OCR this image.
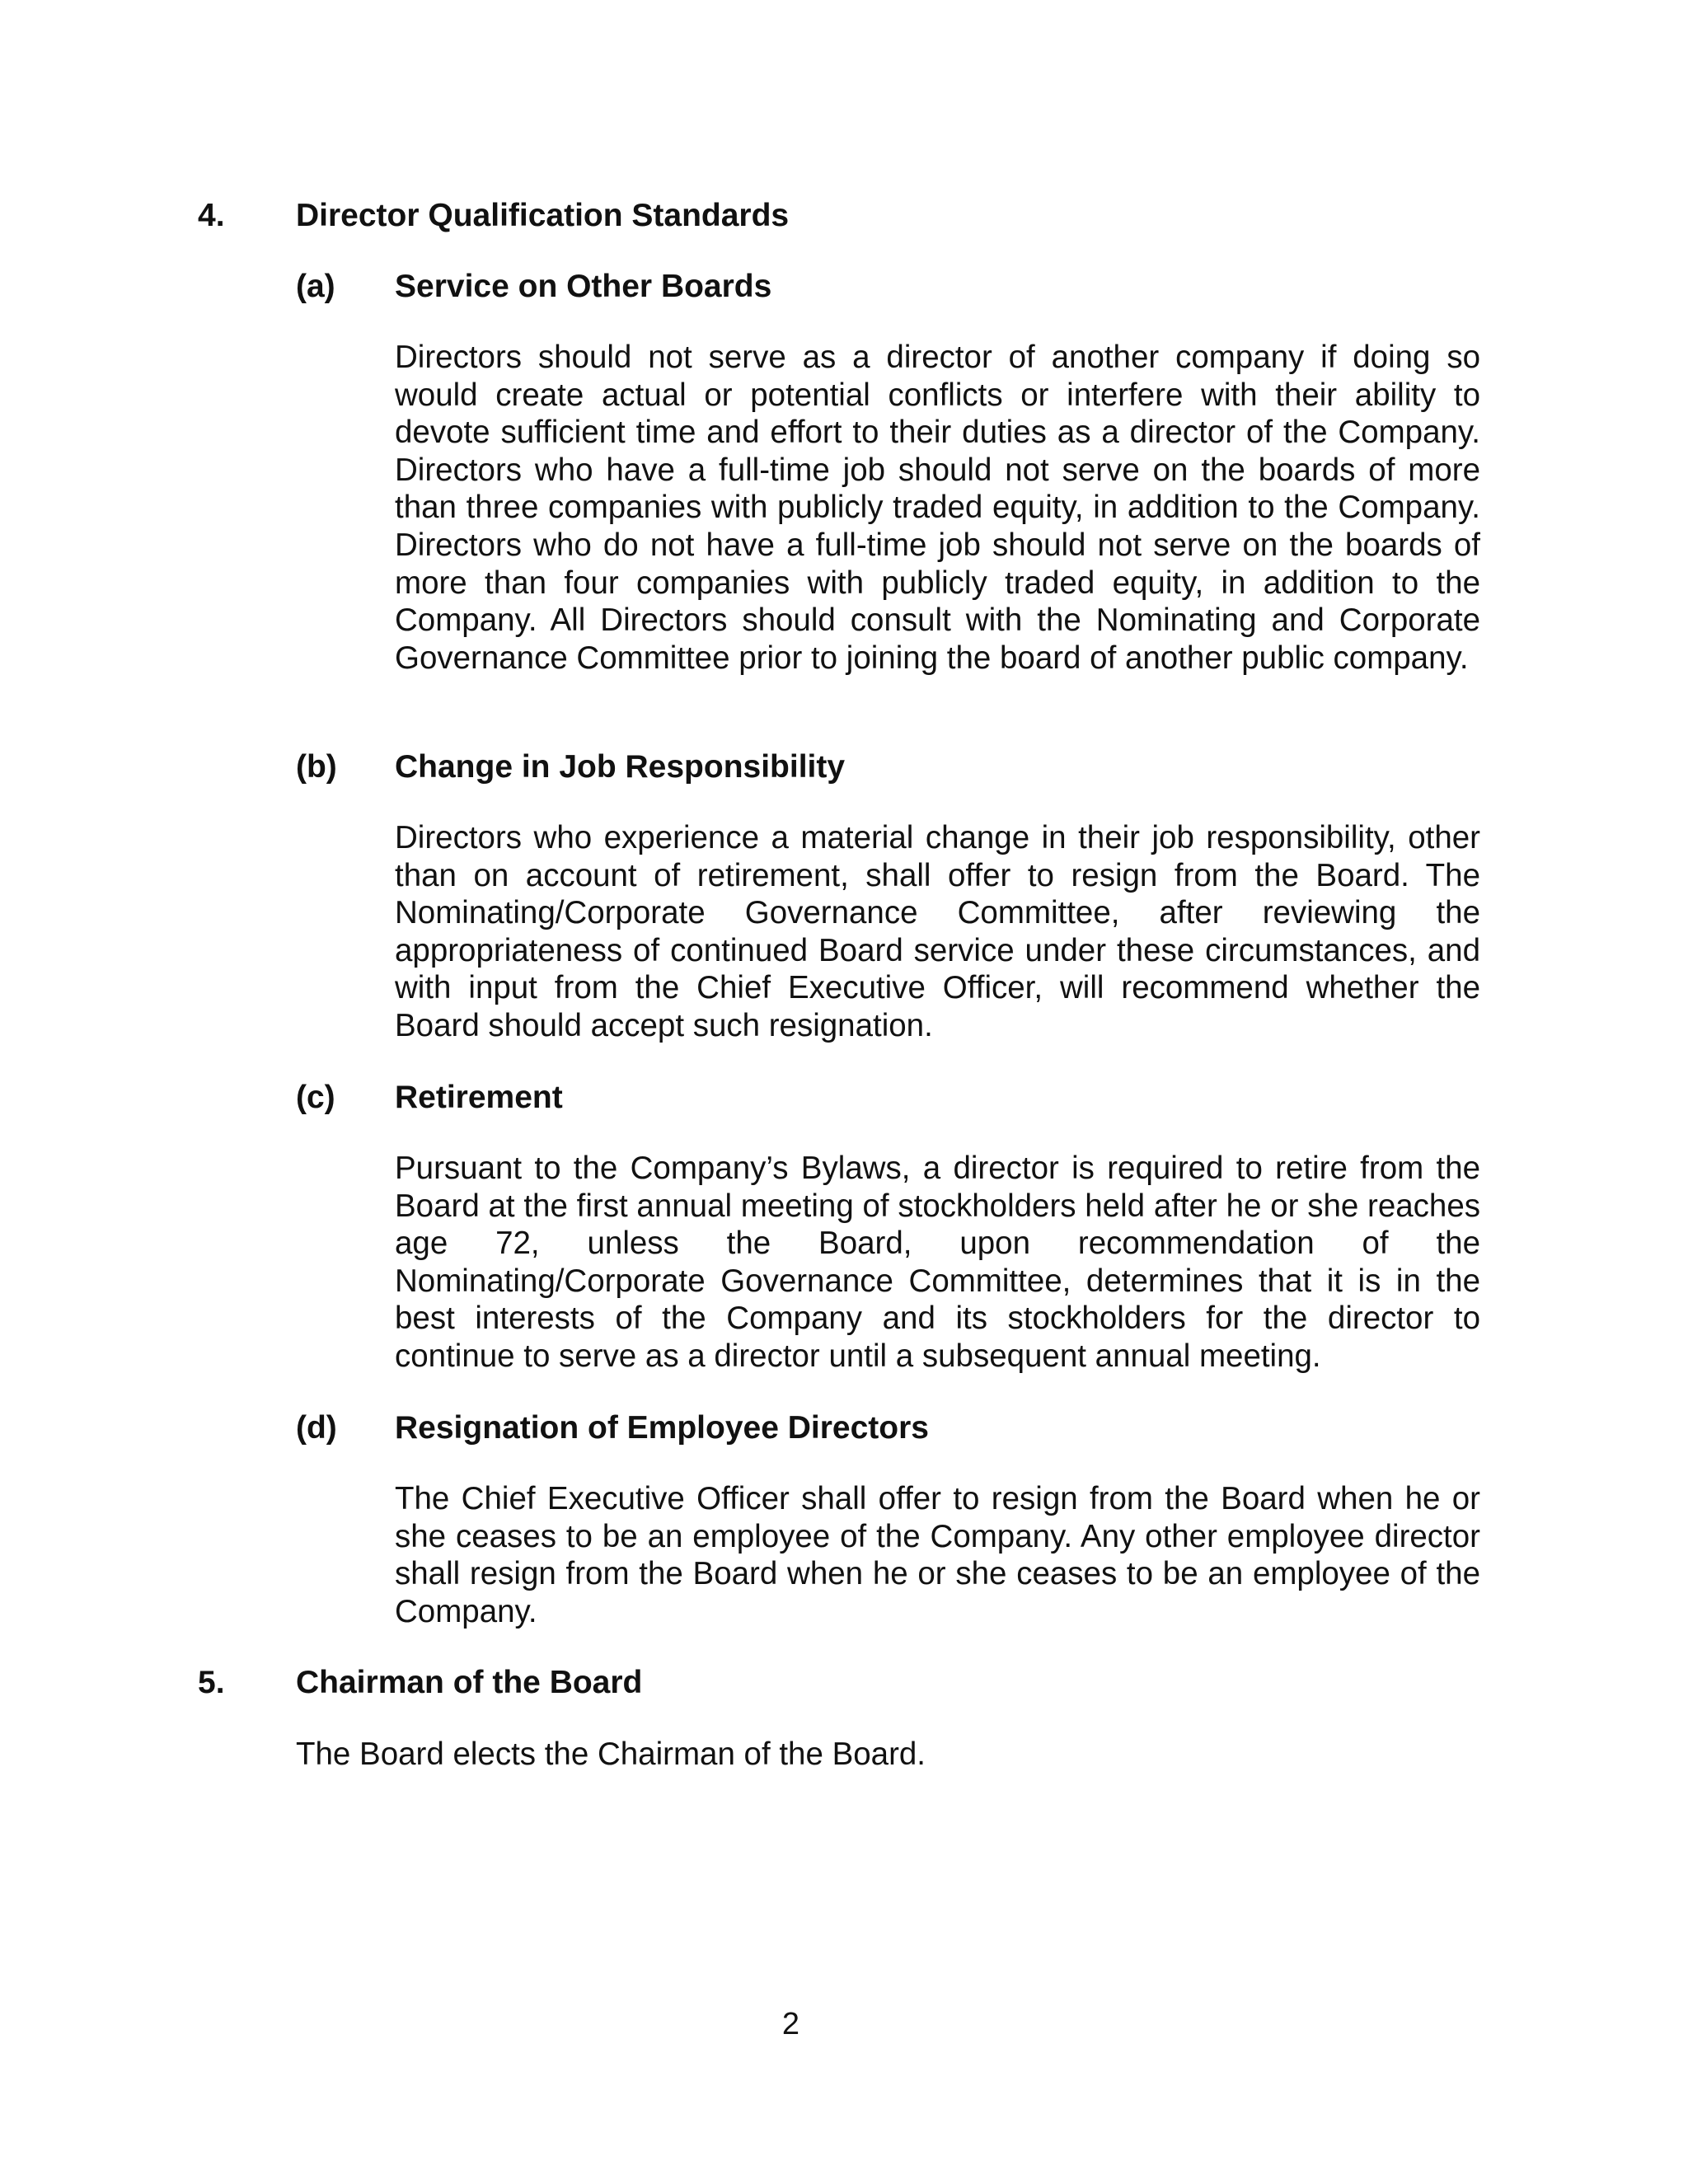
4. Director Qualification Standards
(a) Service on Other Boards

Directors should not serve as a director of another company if doing so would create actual or potential conflicts or interfere with their ability to devote sufficient time and effort to their duties as a director of the Company. Directors who have a full-time job should not serve on the boards of more than three companies with publicly traded equity, in addition to the Company. Directors who do not have a full-time job should not serve on the boards of more than four companies with publicly traded equity, in addition to the Company. All Directors should consult with the Nominating and Corporate Governance Committee prior to joining the board of another public company.

(b) Change in Job Responsibility

Directors who experience a material change in their job responsibility, other than on account of retirement, shall offer to resign from the Board. The Nominating/Corporate Governance Committee, after reviewing the appropriateness of continued Board service under these circumstances, and with input from the Chief Executive Officer, will recommend whether the Board should accept such resignation.

(c) Retirement

Pursuant to the Company’s Bylaws, a director is required to retire from the Board at the first annual meeting of stockholders held after he or she reaches age 72, unless the Board, upon recommendation of the Nominating/Corporate Governance Committee, determines that it is in the best interests of the Company and its stockholders for the director to continue to serve as a director until a subsequent annual meeting.

(d) Resignation of Employee Directors

The Chief Executive Officer shall offer to resign from the Board when he or she ceases to be an employee of the Company. Any other employee director shall resign from the Board when he or she ceases to be an employee of the Company.

5. Chairman of the Board

The Board elects the Chairman of the Board.

2
